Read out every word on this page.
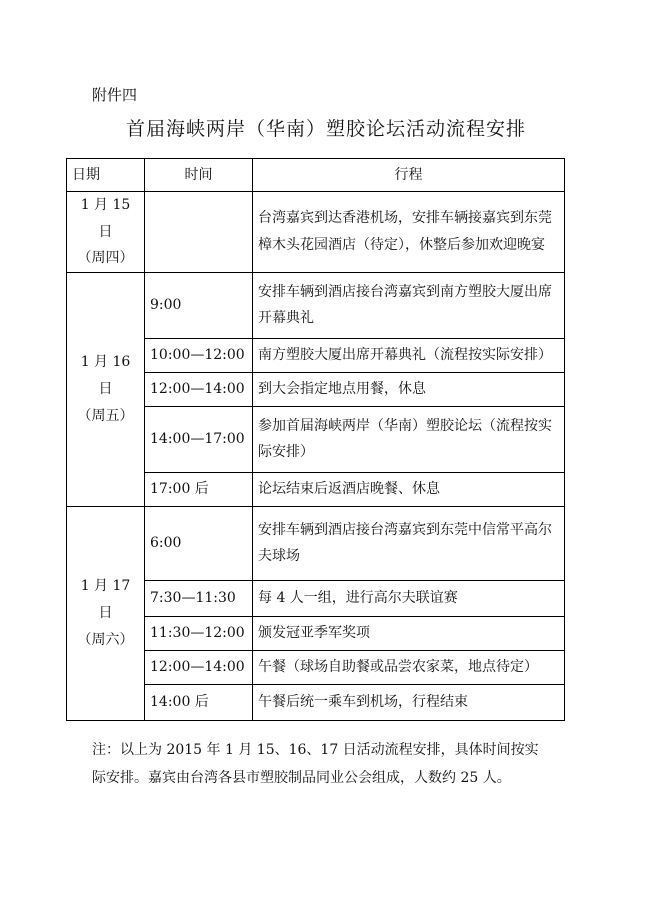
附件四
首届海峡两岸（华南）塑胶论坛活动流程安排
日期	时间	行程

1 月 15 日
（周四）		台湾嘉宾到达香港机场，安排车辆接嘉宾到东莞樟木头花园酒店（待定），休整后参加欢迎晚宴

1 月 16 日
（周五）	9:00	安排车辆到酒店接台湾嘉宾到南方塑胶大厦出席开幕典礼
	10:00—12:00	南方塑胶大厦出席开幕典礼（流程按实际安排）
	12:00—14:00	到大会指定地点用餐，休息
	14:00—17:00	参加首届海峡两岸（华南）塑胶论坛（流程按实际安排）
	17:00 后	论坛结束后返酒店晚餐、休息

1 月 17 日
（周六）	6:00	安排车辆到酒店接台湾嘉宾到东莞中信常平高尔夫球场
	7:30—11:30	每 4 人一组，进行高尔夫联谊赛
	11:30—12:00	颁发冠亚季军奖项
	12:00—14:00	午餐（球场自助餐或品尝农家菜，地点待定）
	14:00 后	午餐后统一乘车到机场，行程结束
注：以上为 2015 年 1 月 15、16、17 日活动流程安排，具体时间按实际安排。嘉宾由台湾各县市塑胶制品同业公会组成，人数约 25 人。
